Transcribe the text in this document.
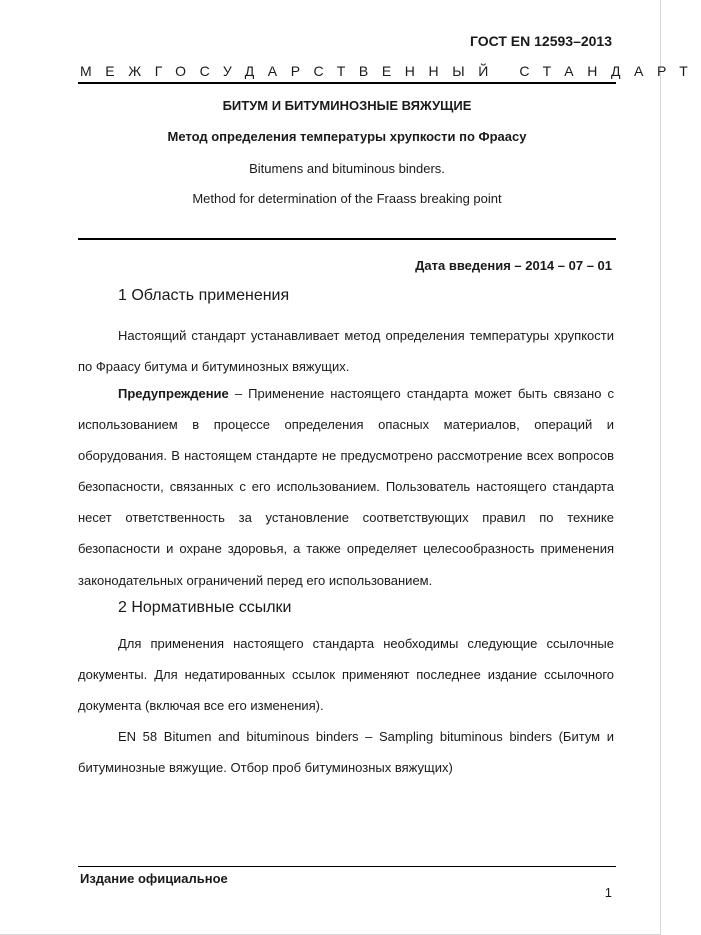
ГОСТ EN 12593–2013

МЕЖГОСУДАРСТВЕННЫЙ СТАНДАРТ

БИТУМ И БИТУМИНОЗНЫЕ ВЯЖУЩИЕ

Метод определения температуры хрупкости по Фраасу

Bitumens and bituminous binders.

Method for determination of the Fraass breaking point

Дата введения – 2014 – 07 – 01

1 Область применения

Настоящий стандарт устанавливает метод определения температуры хрупкости по Фраасу битума и битуминозных вяжущих.

Предупреждение – Применение настоящего стандарта может быть связано с использованием в процессе определения опасных материалов, операций и оборудования. В настоящем стандарте не предусмотрено рассмотрение всех вопросов безопасности, связанных с его использованием. Пользователь настоящего стандарта несет ответственность за установление соответствующих правил по технике безопасности и охране здоровья, а также определяет целесообразность применения законодательных ограничений перед его использованием.

2 Нормативные ссылки

Для применения настоящего стандарта необходимы следующие ссылочные документы. Для недатированных ссылок применяют последнее издание ссылочного документа (включая все его изменения).

EN 58 Bitumen and bituminous binders – Sampling bituminous binders (Битум и битуминозные вяжущие. Отбор проб битуминозных вяжущих)

Издание официальное

1
